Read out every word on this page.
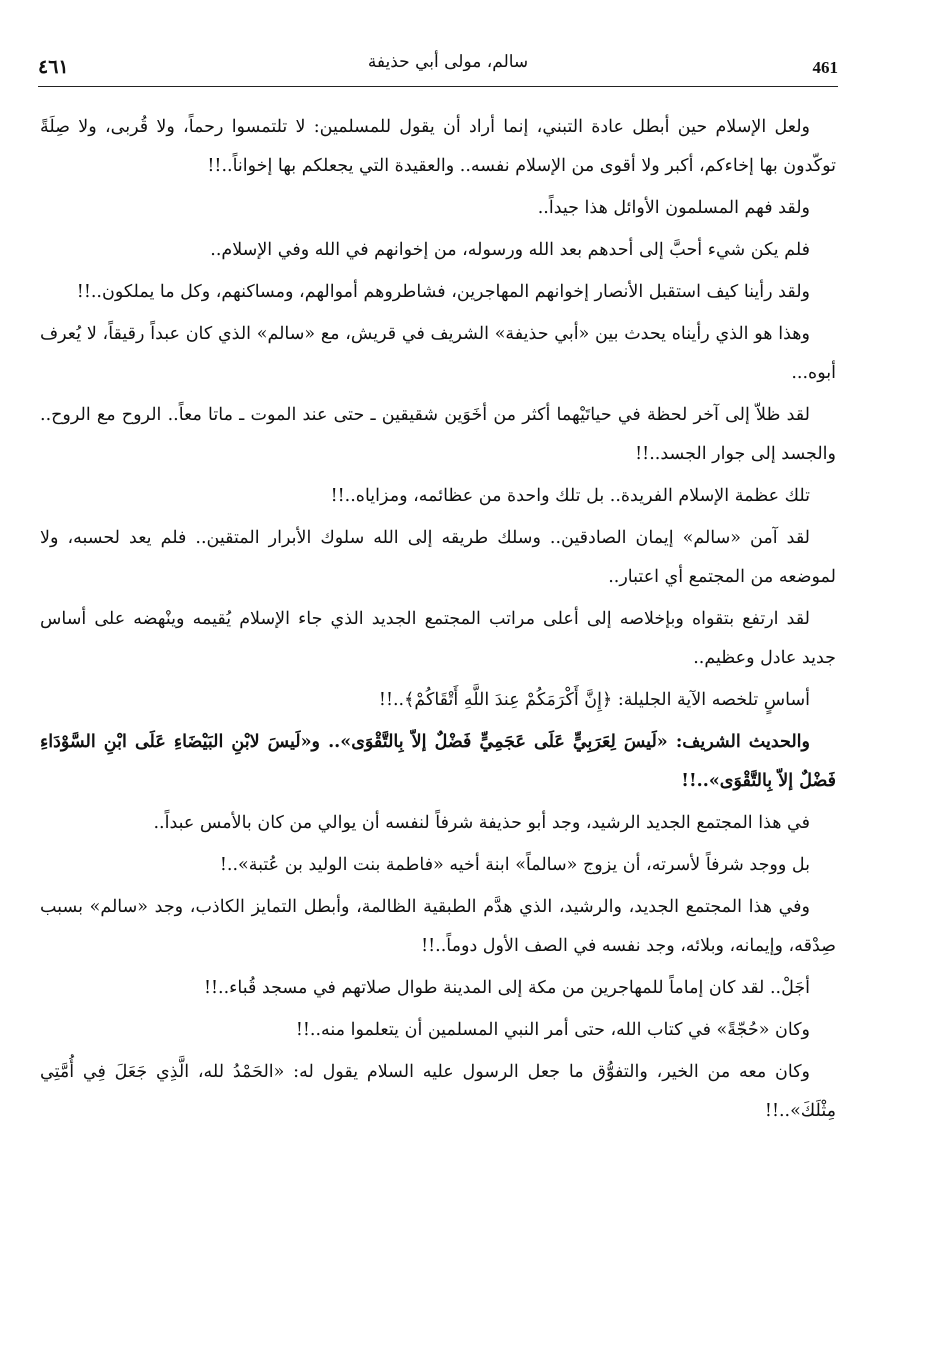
٤٦١	سالم، مولى أبي حذيفة	461

ولعل الإسلام حين أبطل عادة التبني، إنما أراد أن يقول للمسلمين: لا تلتمسوا رحماً، ولا قُربى، ولا صِلَةً توكّدون بها إخاءكم، أكبر ولا أقوى من الإسلام نفسه.. والعقيدة التي يجعلكم بها إخواناً..!!

ولقد فهم المسلمون الأوائل هذا جيداً..

فلم يكن شيء أحبَّ إلى أحدهم بعد الله ورسوله، من إخوانهم في الله وفي الإسلام..

ولقد رأينا كيف استقبل الأنصار إخوانهم المهاجرين، فشاطروهم أموالهم، ومساكنهم، وكل ما يملكون..!!

وهذا هو الذي رأيناه يحدث بين «أبي حذيفة» الشريف في قريش، مع «سالم» الذي كان عبداً رقيقاً، لا يُعرف أبوه...

لقد ظلاّ إلى آخر لحظة في حياتَيْهما أكثر من أخَوَين شقيقين ـ حتى عند الموت ـ ماتا معاً.. الروح مع الروح.. والجسد إلى جوار الجسد..!!

تلك عظمة الإسلام الفريدة.. بل تلك واحدة من عظائمه، ومزاياه..!!

لقد آمن «سالم» إيمان الصادقين.. وسلك طريقه إلى الله سلوك الأبرار المتقين.. فلم يعد لحسبه، ولا لموضعه من المجتمع أي اعتبار..

لقد ارتفع بتقواه وبإخلاصه إلى أعلى مراتب المجتمع الجديد الذي جاء الإسلام يُقيمه وينْهضه على أساس جديد عادل وعظيم..

أساسٍ تلخصه الآية الجليلة: ﴿إِنَّ أَكْرَمَكُمْ عِندَ اللَّهِ أَتْقَاكُمْ﴾..!!

والحديث الشريف: «لَيسَ لِعَرَبِيٍّ عَلَى عَجَمِيٍّ فَضْلٌ إلاّ بِالتَّقْوَى».. و«لَيسَ لابْنِ البَيْضَاءِ عَلَى ابْنِ السَّوْدَاءِ فَضْلٌ إلاّ بِالتَّقْوَى»..!!

في هذا المجتمع الجديد الرشيد، وجد أبو حذيفة شرفاً لنفسه أن يوالي من كان بالأمس عبداً..

بل ووجد شرفاً لأسرته، أن يزوج «سالماً» ابنة أخيه «فاطمة بنت الوليد بن عُتبة»..!

وفي هذا المجتمع الجديد، والرشيد، الذي هدَّم الطبقية الظالمة، وأبطل التمايز الكاذب، وجد «سالم» بسبب صِدْقه، وإيمانه، وبلائه، وجد نفسه في الصف الأول دوماً..!!

أجَلْ.. لقد كان إماماً للمهاجرين من مكة إلى المدينة طوال صلاتهم في مسجد قُباء..!!

وكان «حُجّةً» في كتاب الله، حتى أمر النبي المسلمين أن يتعلموا منه..!!

وكان معه من الخير، والتفوُّق ما جعل الرسول عليه السلام يقول له: «الحَمْدُ لله، الَّذِي جَعَلَ فِي أُمَّتِي مِثْلَكَ»..!!
